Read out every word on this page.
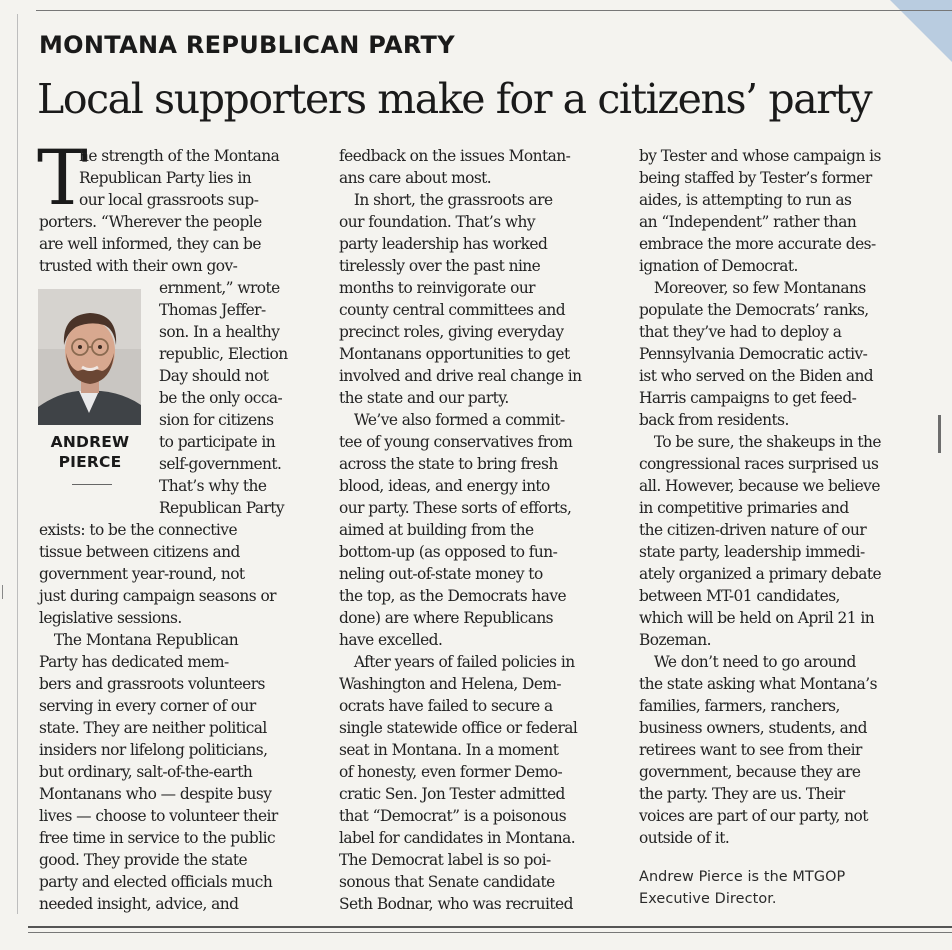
MONTANA REPUBLICAN PARTY
Local supporters make for a citizens’ party
T
ANDREW
PIERCE
he strength of the Montana
Republican Party lies in
our local grassroots sup-
porters. “Wherever the people
are well informed, they can be
trusted with their own gov-
ernment,” wrote
Thomas Jeffer-
son. In a healthy
republic, Election
Day should not
be the only occa-
sion for citizens
to participate in
self-government.
That’s why the
Republican Party
exists: to be the connective
tissue between citizens and
government year-round, not
just during campaign seasons or
legislative sessions.
 The Montana Republican
Party has dedicated mem-
bers and grassroots volunteers
serving in every corner of our
state. They are neither political
insiders nor lifelong politicians,
but ordinary, salt-of-the-earth
Montanans who — despite busy
lives — choose to volunteer their
free time in service to the public
good. They provide the state
party and elected officials much
needed insight, advice, and
feedback on the issues Montan-
ans care about most.
 In short, the grassroots are
our foundation. That’s why
party leadership has worked
tirelessly over the past nine
months to reinvigorate our
county central committees and
precinct roles, giving everyday
Montanans opportunities to get
involved and drive real change in
the state and our party.
 We’ve also formed a commit-
tee of young conservatives from
across the state to bring fresh
blood, ideas, and energy into
our party. These sorts of efforts,
aimed at building from the
bottom-up (as opposed to fun-
neling out-of-state money to
the top, as the Democrats have
done) are where Republicans
have excelled.
 After years of failed policies in
Washington and Helena, Dem-
ocrats have failed to secure a
single statewide office or federal
seat in Montana. In a moment
of honesty, even former Demo-
cratic Sen. Jon Tester admitted
that “Democrat” is a poisonous
label for candidates in Montana.
The Democrat label is so poi-
sonous that Senate candidate
Seth Bodnar, who was recruited
by Tester and whose campaign is
being staffed by Tester’s former
aides, is attempting to run as
an “Independent” rather than
embrace the more accurate des-
ignation of Democrat.
 Moreover, so few Montanans
populate the Democrats’ ranks,
that they’ve had to deploy a
Pennsylvania Democratic activ-
ist who served on the Biden and
Harris campaigns to get feed-
back from residents.
 To be sure, the shakeups in the
congressional races surprised us
all. However, because we believe
in competitive primaries and
the citizen-driven nature of our
state party, leadership immedi-
ately organized a primary debate
between MT-01 candidates,
which will be held on April 21 in
Bozeman.
 We don’t need to go around
the state asking what Montana’s
families, farmers, ranchers,
business owners, students, and
retirees want to see from their
government, because they are
the party. They are us. Their
voices are part of our party, not
outside of it.
Andrew Pierce is the MTGOP
Executive Director.
